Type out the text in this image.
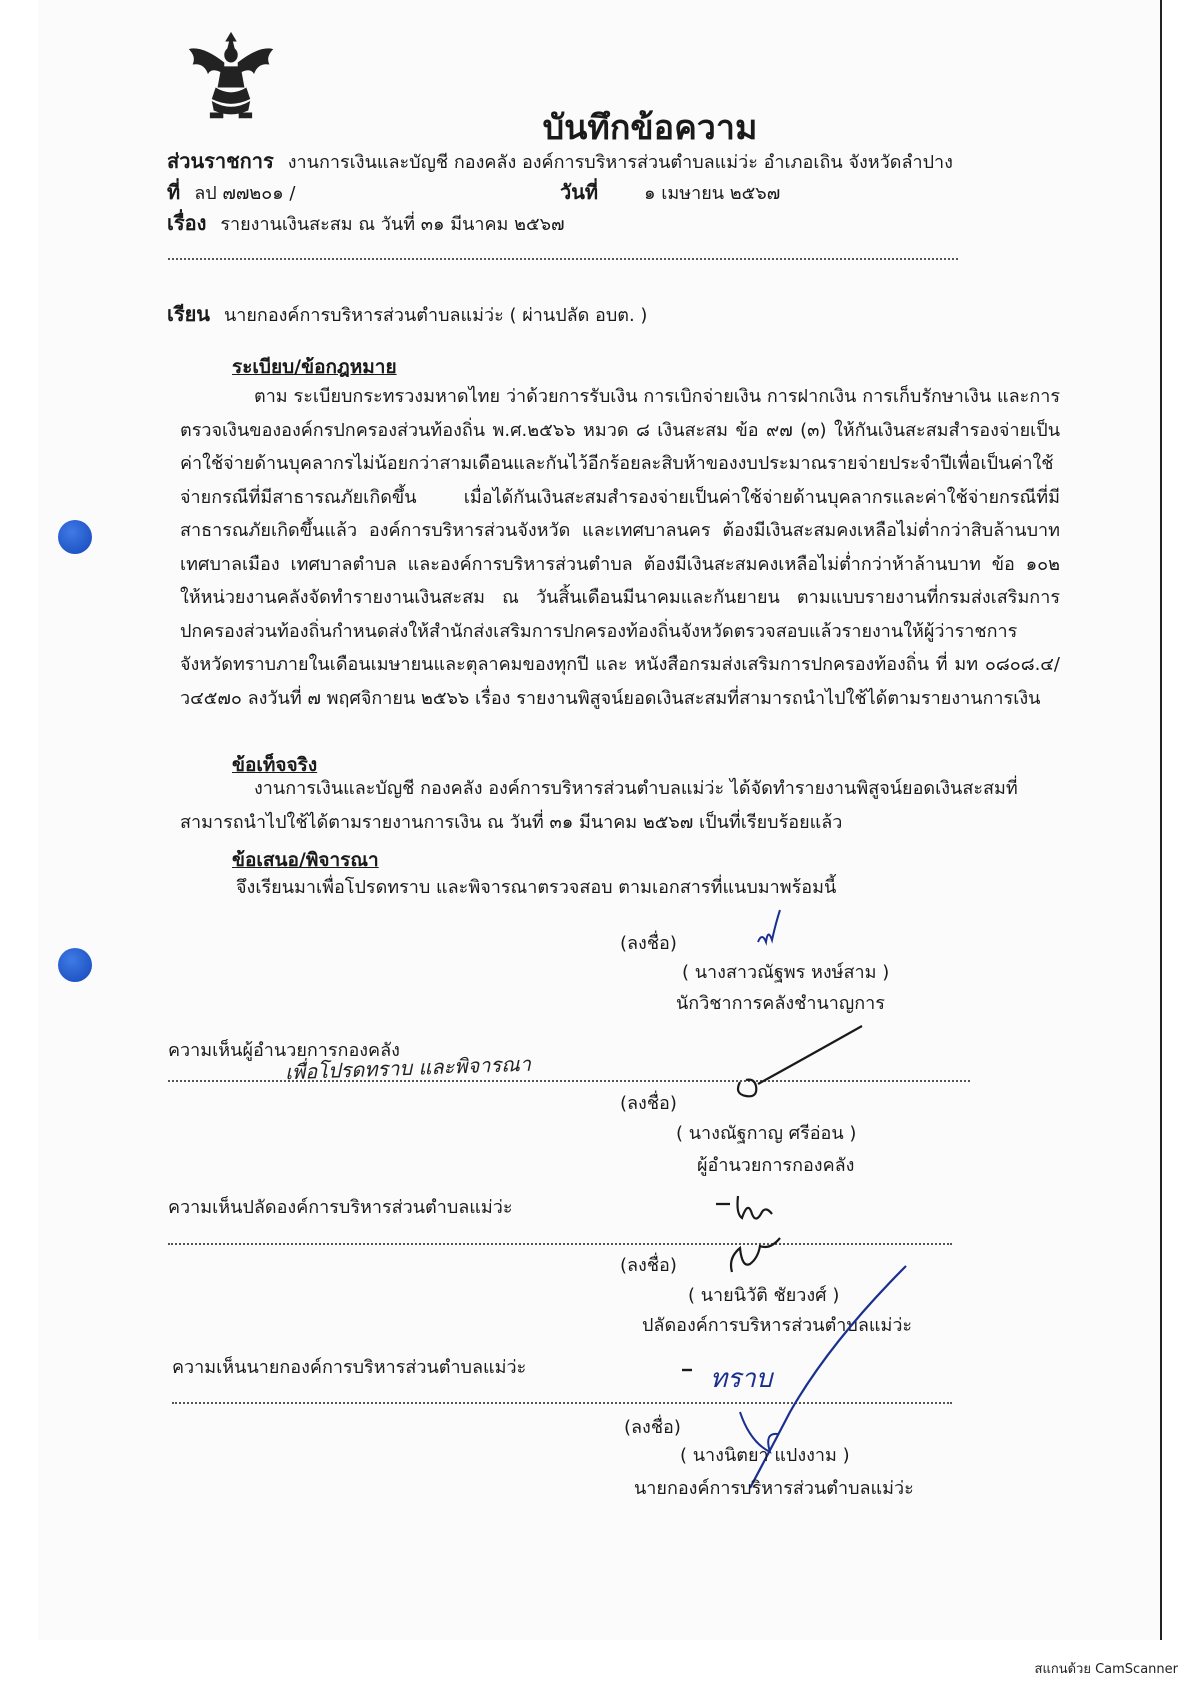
บันทึกข้อความ
ส่วนราชการ งานการเงินและบัญชี กองคลัง องค์การบริหารส่วนตำบลแม่ว่ะ อำเภอเถิน จังหวัดลำปาง
ที่ ลป ๗๗๒๐๑ /	วันที่	๑ เมษายน ๒๕๖๗
เรื่อง รายงานเงินสะสม ณ วันที่ ๓๑ มีนาคม ๒๕๖๗
เรียน นายกองค์การบริหารส่วนตำบลแม่ว่ะ ( ผ่านปลัด อบต. )
ระเบียบ/ข้อกฎหมาย
ตาม ระเบียบกระทรวงมหาดไทย ว่าด้วยการรับเงิน การเบิกจ่ายเงิน การฝากเงิน การเก็บรักษาเงิน และการตรวจเงินขององค์กรปกครองส่วนท้องถิ่น พ.ศ.๒๕๖๖ หมวด ๘ เงินสะสม ข้อ ๙๗ (๓) ให้กันเงินสะสมสำรองจ่ายเป็นค่าใช้จ่ายด้านบุคลากรไม่น้อยกว่าสามเดือนและกันไว้อีกร้อยละสิบห้าของงบประมาณรายจ่ายประจำปีเพื่อเป็นค่าใช้จ่ายกรณีที่มีสาธารณภัยเกิดขึ้น เมื่อได้กันเงินสะสมสำรองจ่ายเป็นค่าใช้จ่ายด้านบุคลากรและค่าใช้จ่ายกรณีที่มีสาธารณภัยเกิดขึ้นแล้ว องค์การบริหารส่วนจังหวัด และเทศบาลนคร ต้องมีเงินสะสมคงเหลือไม่ต่ำกว่าสิบล้านบาท เทศบาลเมือง เทศบาลตำบล และองค์การบริหารส่วนตำบล ต้องมีเงินสะสมคงเหลือไม่ต่ำกว่าห้าล้านบาท ข้อ ๑๐๒ ให้หน่วยงานคลังจัดทำรายงานเงินสะสม ณ วันสิ้นเดือนมีนาคมและกันยายน ตามแบบรายงานที่กรมส่งเสริมการปกครองส่วนท้องถิ่นกำหนดส่งให้สำนักส่งเสริมการปกครองท้องถิ่นจังหวัดตรวจสอบแล้วรายงานให้ผู้ว่าราชการจังหวัดทราบภายในเดือนเมษายนและตุลาคมของทุกปี และ หนังสือกรมส่งเสริมการปกครองท้องถิ่น ที่ มท ๐๘๐๘.๔/ว๔๕๗๐ ลงวันที่ ๗ พฤศจิกายน ๒๕๖๖ เรื่อง รายงานพิสูจน์ยอดเงินสะสมที่สามารถนำไปใช้ได้ตามรายงานการเงิน
ข้อเท็จจริง
งานการเงินและบัญชี กองคลัง องค์การบริหารส่วนตำบลแม่ว่ะ ได้จัดทำรายงานพิสูจน์ยอดเงินสะสมที่สามารถนำไปใช้ได้ตามรายงานการเงิน ณ วันที่ ๓๑ มีนาคม ๒๕๖๗ เป็นที่เรียบร้อยแล้ว
ข้อเสนอ/พิจารณา
จึงเรียนมาเพื่อโปรดทราบ และพิจารณาตรวจสอบ ตามเอกสารที่แนบมาพร้อมนี้
(ลงชื่อ)
( นางสาวณัฐพร หงษ์สาม )
นักวิชาการคลังชำนาญการ
ความเห็นผู้อำนวยการกองคลัง
เพื่อโปรดทราบ และพิจารณา
(ลงชื่อ)
( นางณัฐกาญ ศรีอ่อน )
ผู้อำนวยการกองคลัง
ความเห็นปลัดองค์การบริหารส่วนตำบลแม่ว่ะ
(ลงชื่อ)
( นายนิวัติ ชัยวงศ์ )
ปลัดองค์การบริหารส่วนตำบลแม่ว่ะ
ความเห็นนายกองค์การบริหารส่วนตำบลแม่ว่ะ	ทราบ
(ลงชื่อ)
( นางนิตยา แปงงาม )
นายกองค์การบริหารส่วนตำบลแม่ว่ะ
สแกนด้วย CamScanner
